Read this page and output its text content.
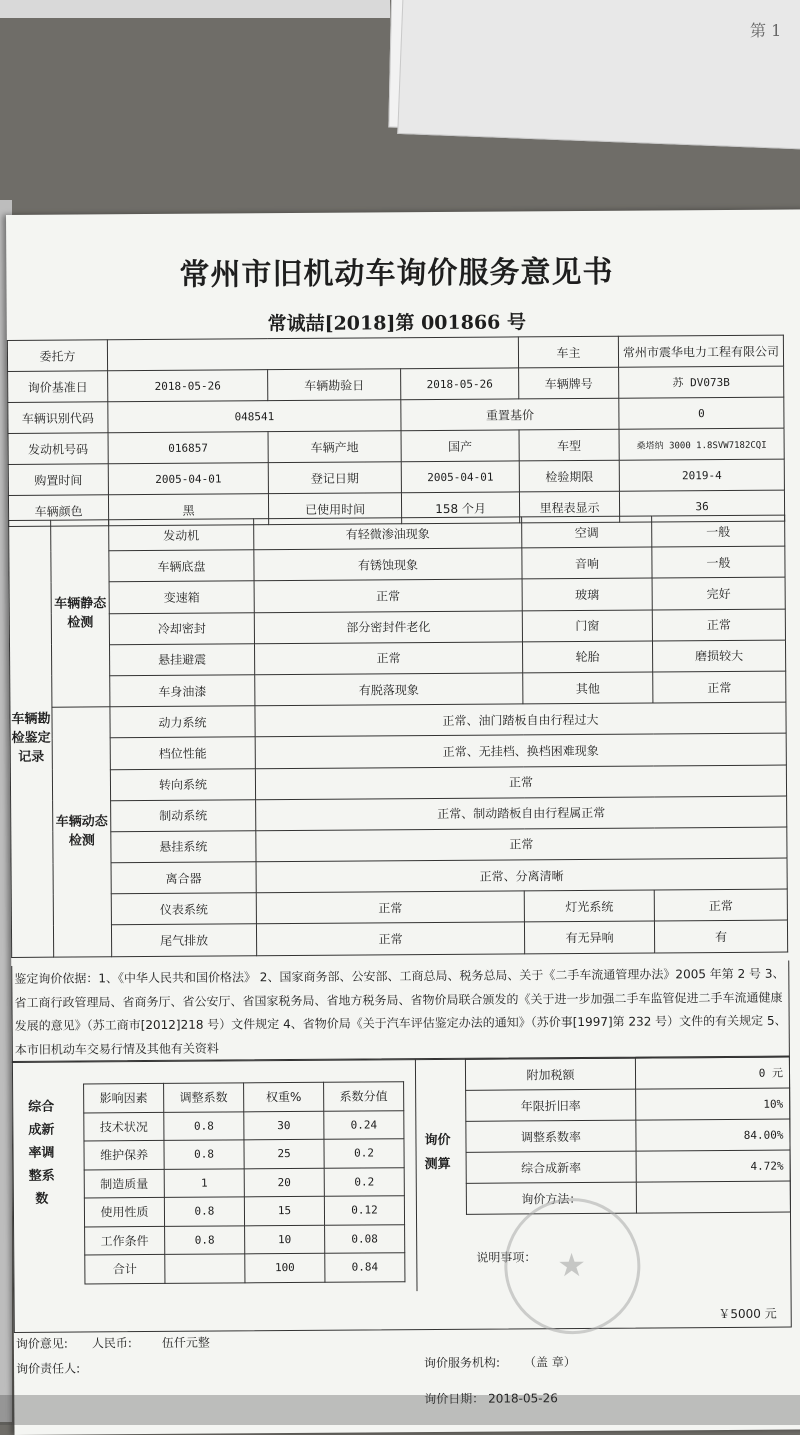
第 1
常州市旧机动车询价服务意见书
常诚喆[2018]第 001866 号
委托方				车主	常州市震华电力工程有限公司
询价基准日	2018-05-26	车辆勘验日	2018-05-26	车辆牌号	苏 DV073B
车辆识别代码	048541		重置基价		0
发动机号码	016857	车辆产地	国产	车型	桑塔纳 3000 1.8SVW7182CQI
购置时间	2005-04-01	登记日期	2005-04-01	检验期限	2019-4
车辆颜色	黑	已使用时间	158 个月	里程表显示	36
车辆勘检鉴定记录	车辆静态检测	发动机	有轻微渗油现象	空调	一般
		车辆底盘	有锈蚀现象	音响	一般
		变速箱	正常	玻璃	完好
		冷却密封	部分密封件老化	门窗	正常
		悬挂避震	正常	轮胎	磨损较大
		车身油漆	有脱落现象	其他	正常
	车辆动态检测	动力系统	正常、油门踏板自由行程过大		
		档位性能	正常、无挂档、换档困难现象		
		转向系统	正常		
		制动系统	正常、制动踏板自由行程属正常		
		悬挂系统	正常		
		离合器	正常、分离清晰		
		仪表系统	正常	灯光系统	正常
		尾气排放	正常	有无异响	有
鉴定询价依据：1、《中华人民共和国价格法》 2、国家商务部、公安部、工商总局、税务总局、关于《二手车流通管理办法》2005 年第 2 号 3、省工商行政管理局、省商务厅、省公安厅、省国家税务局、省地方税务局、省物价局联合颁发的《关于进一步加强二手车监管促进二手车流通健康发展的意见》（苏工商市[2012]218 号）文件规定 4、省物价局《关于汽车评估鉴定办法的通知》（苏价事[1997]第 232 号）文件的有关规定 5、本市旧机动车交易行情及其他有关资料
综合成新率调整系数
影响因素	调整系数	权重%	系数分值
技术状况	0.8	30	0.24
维护保养	0.8	25	0.2
制造质量	1	20	0.2
使用性质	0.8	15	0.12
工作条件	0.8	10	0.08
合计		100	0.84
询价测算
附加税额	0 元
年限折旧率	10%
调整系数率	84.00%
综合成新率	4.72%
询价方法：	
说明事项： ★
￥5000 元
询价意见: 人民币: 伍仟元整
询价责任人:	询价服务机构: （盖 章）
询价日期： 2018-05-26
